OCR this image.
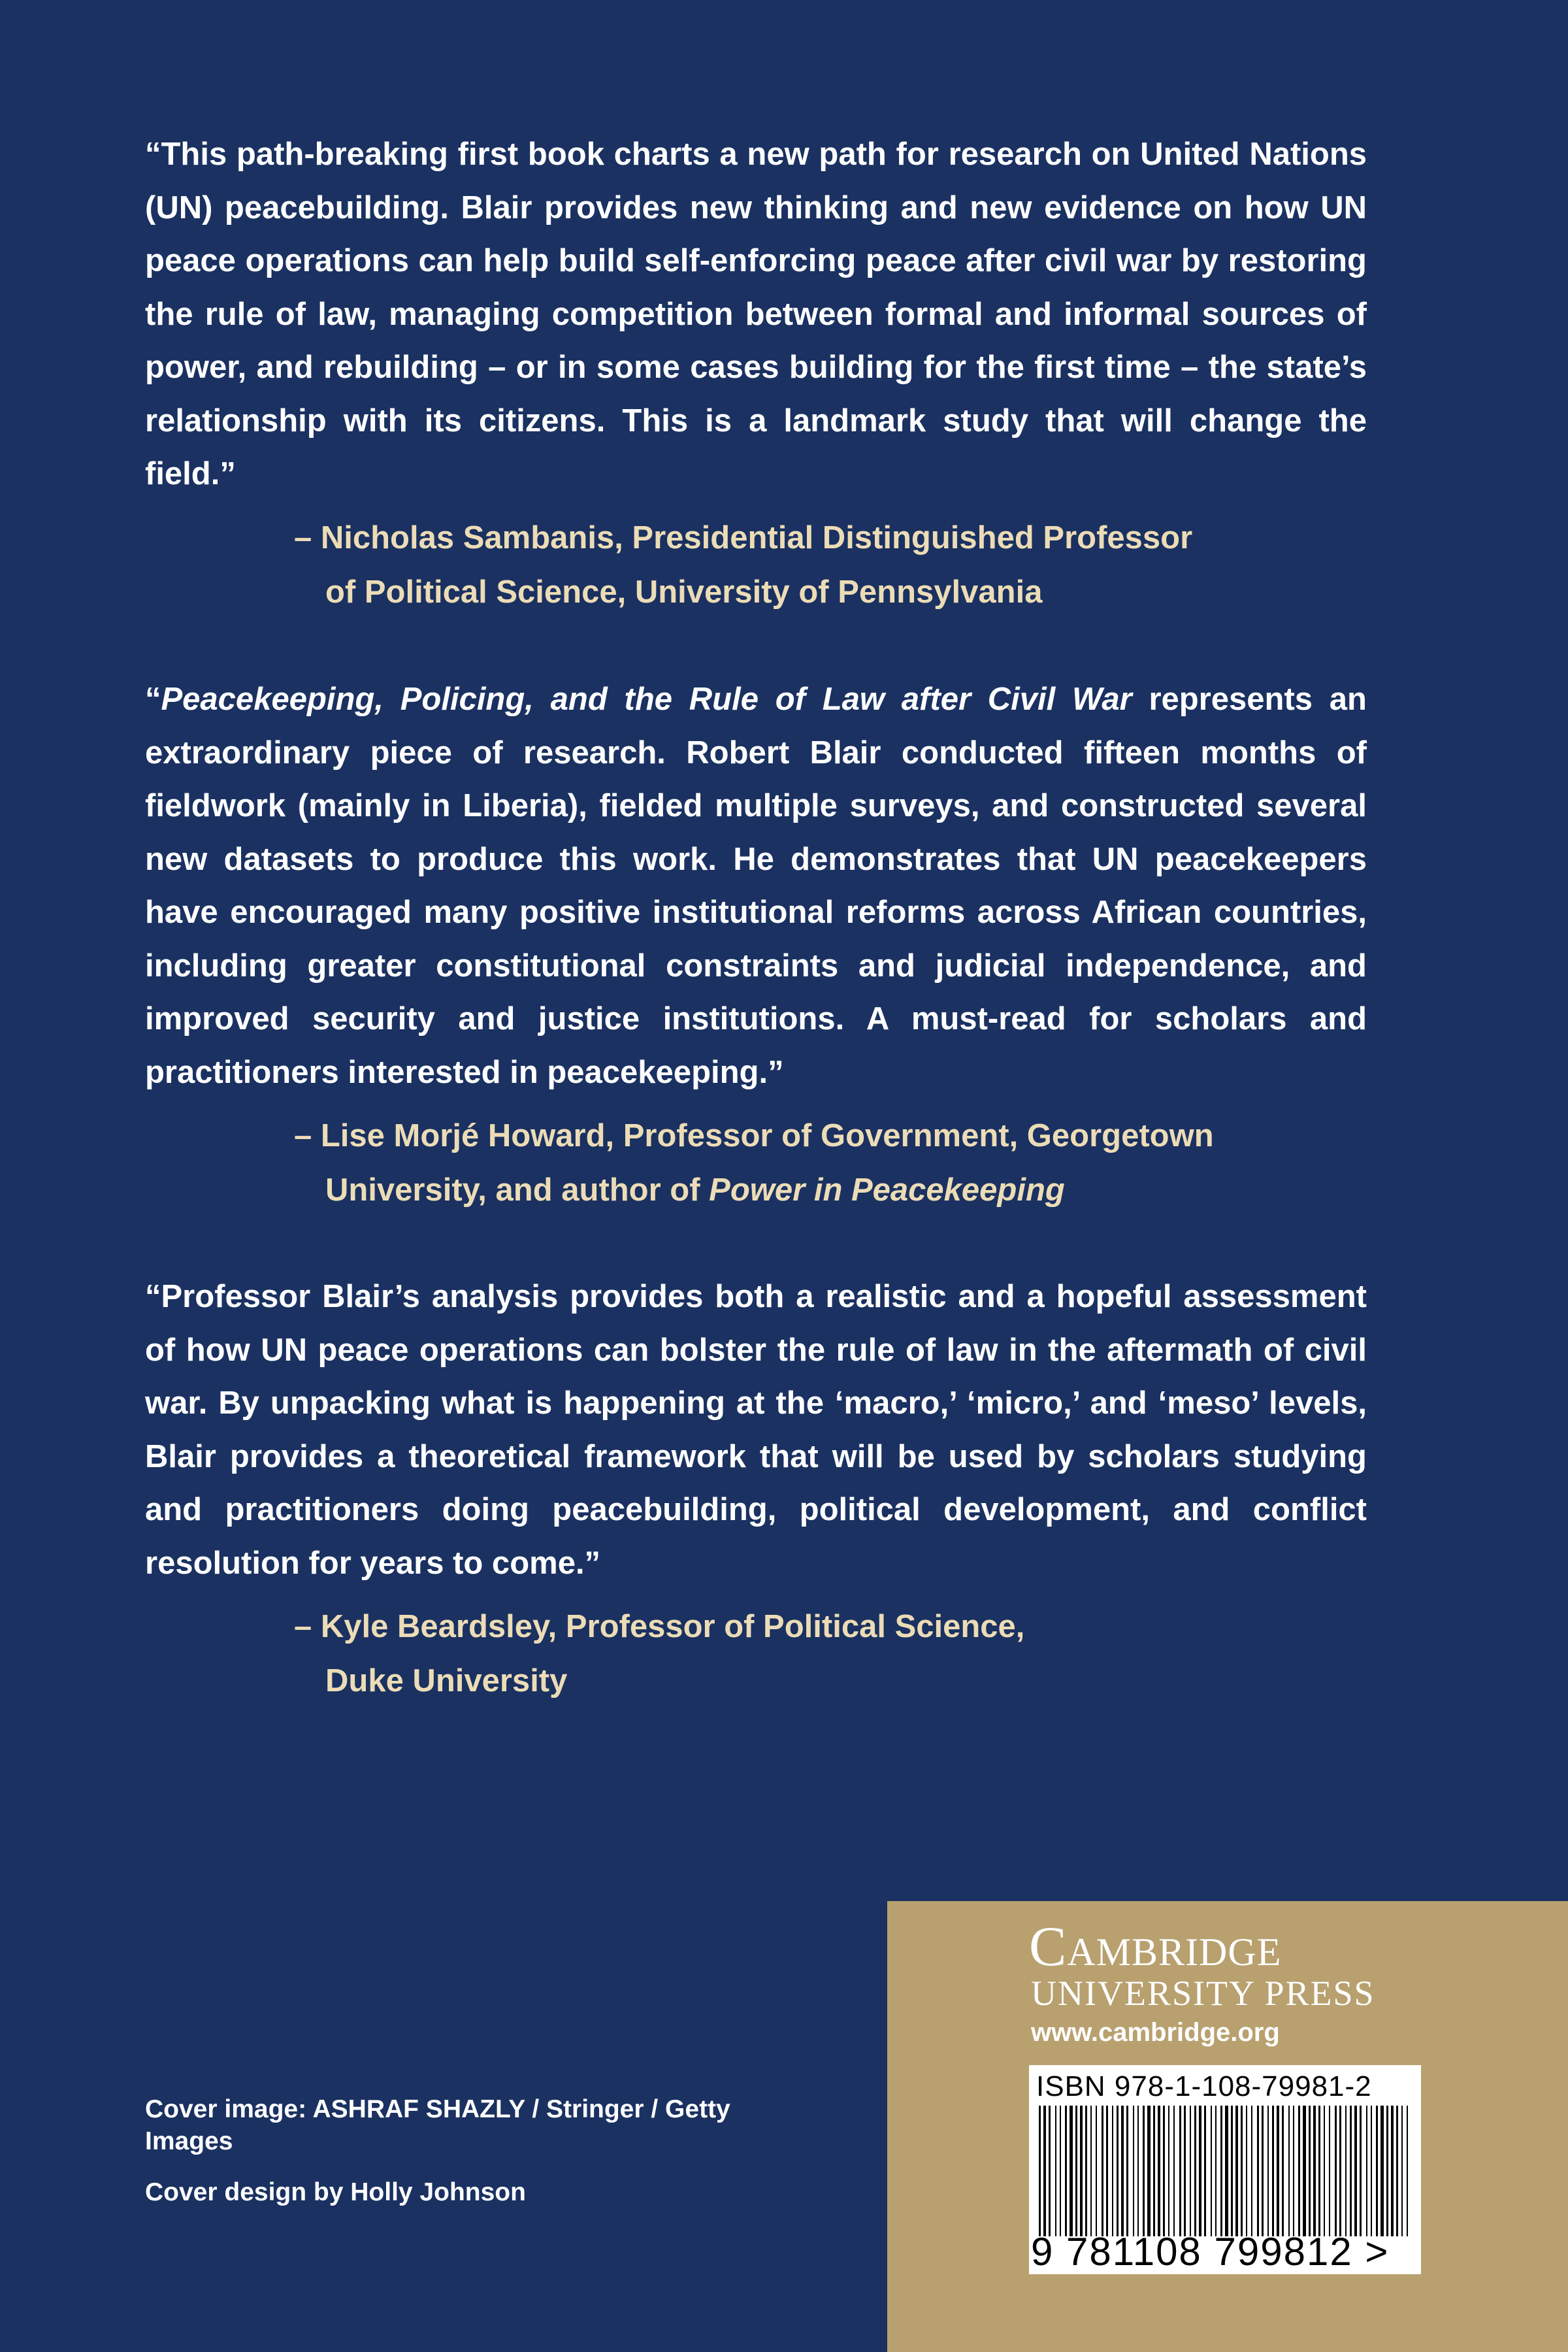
“This path-breaking first book charts a new path for research on United Nations (UN) peacebuilding. Blair provides new thinking and new evidence on how UN peace operations can help build self-enforcing peace after civil war by restoring the rule of law, managing competition between formal and informal sources of power, and rebuilding – or in some cases building for the first time – the state’s relationship with its citizens. This is a landmark study that will change the field.”

– Nicholas Sambanis, Presidential Distinguished Professor
of Political Science, University of Pennsylvania

“Peacekeeping, Policing, and the Rule of Law after Civil War represents an extraordinary piece of research. Robert Blair conducted fifteen months of fieldwork (mainly in Liberia), fielded multiple surveys, and constructed several new datasets to produce this work. He demonstrates that UN peacekeepers have encouraged many positive institutional reforms across African countries, including greater constitutional constraints and judicial independence, and improved security and justice institutions. A must-read for scholars and practitioners interested in peacekeeping.”

– Lise Morjé Howard, Professor of Government, Georgetown
University, and author of Power in Peacekeeping

“Professor Blair’s analysis provides both a realistic and a hopeful assessment of how UN peace operations can bolster the rule of law in the aftermath of civil war. By unpacking what is happening at the ‘macro,’ ‘micro,’ and ‘meso’ levels, Blair provides a theoretical framework that will be used by scholars studying and practitioners doing peacebuilding, political development, and conflict resolution for years to come.”

– Kyle Beardsley, Professor of Political Science,
Duke University
Cover image: ASHRAF SHAZLY / Stringer / Getty Images
Cover design by Holly Johnson
Cambridge
UNIVERSITY PRESS
www.cambridge.org
ISBN 978-1-108-79981-2
9 781108 799812 >
